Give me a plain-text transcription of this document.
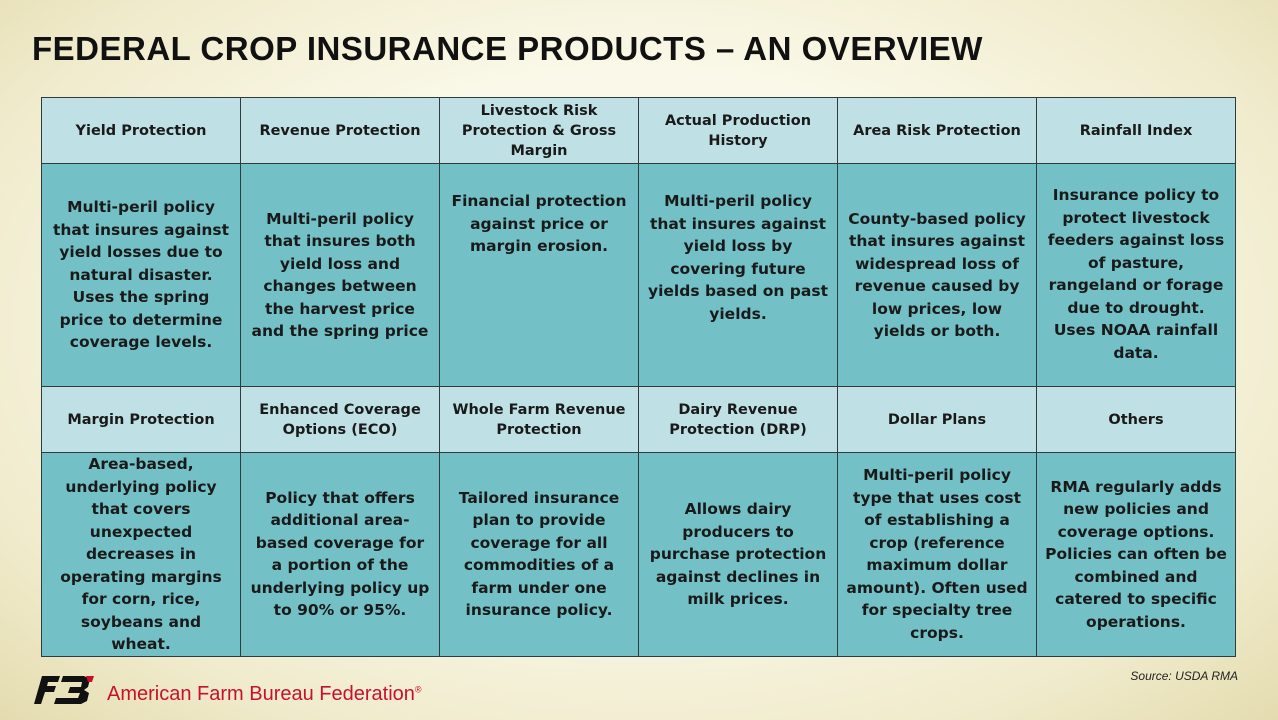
FEDERAL CROP INSURANCE PRODUCTS – AN OVERVIEW
Yield Protection	Revenue Protection	Livestock Risk Protection & Gross Margin	Actual Production History	Area Risk Protection	Rainfall Index
Multi-peril policy that insures against yield losses due to natural disaster. Uses the spring price to determine coverage levels.	Multi-peril policy that insures both yield loss and changes between the harvest price and the spring price	Financial protection against price or margin erosion.	Multi-peril policy that insures against yield loss by covering future yields based on past yields.	County-based policy that insures against widespread loss of revenue caused by low prices, low yields or both.	Insurance policy to protect livestock feeders against loss of pasture, rangeland or forage due to drought. Uses NOAA rainfall data.
Margin Protection	Enhanced Coverage Options (ECO)	Whole Farm Revenue Protection	Dairy Revenue Protection (DRP)	Dollar Plans	Others
Area-based, underlying policy that covers unexpected decreases in operating margins for corn, rice, soybeans and wheat.	Policy that offers additional area-based coverage for a portion of the underlying policy up to 90% or 95%.	Tailored insurance plan to provide coverage for all commodities of a farm under one insurance policy.	Allows dairy producers to purchase protection against declines in milk prices.	Multi-peril policy type that uses cost of establishing a crop (reference maximum dollar amount). Often used for specialty tree crops.	RMA regularly adds new policies and coverage options. Policies can often be combined and catered to specific operations.
Source: USDA RMA
American Farm Bureau Federation®
